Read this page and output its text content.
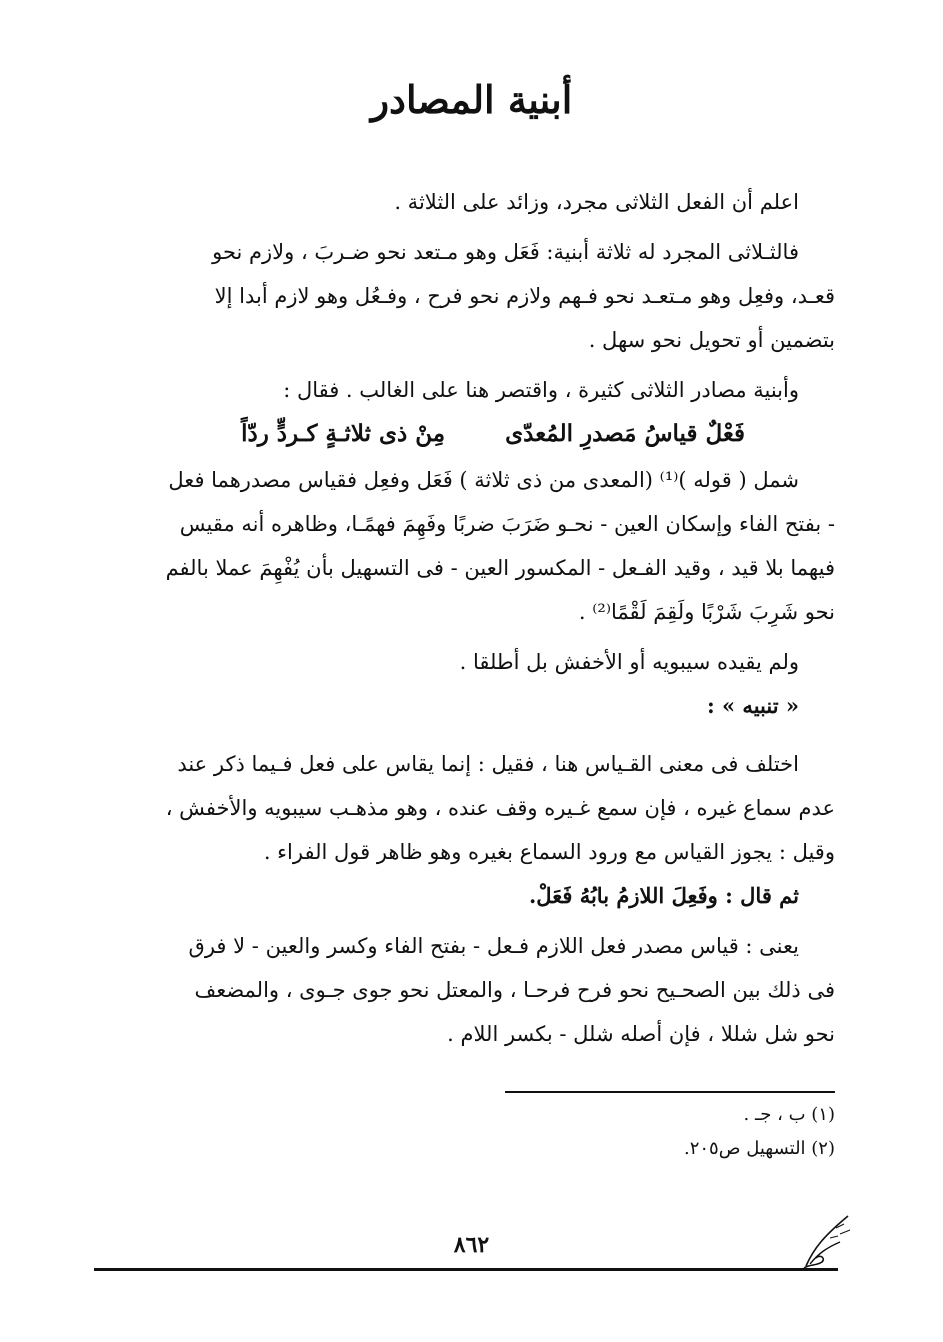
أبنية المصادر
اعلم أن الفعل الثلاثى مجرد، وزائد على الثلاثة .
فالثـلاثى المجرد له ثلاثة أبنية: فَعَل وهو مـتعد نحو ضـربَ ، ولازم نحو
قعـد، وفعِل وهو مـتعـد نحو فـهم ولازم نحو فرح ، وفـعُل وهو لازم أبدا إلا
بتضمين أو تحويل نحو سهل .
وأبنية مصادر الثلاثى كثيرة ، واقتصر هنا على الغالب . فقال :
فَعْلٌ قياسُ مَصدرِ المُعدّى
مِنْ ذى ثلاثـةٍ كـردٍّ ردّاً
شمل ( قوله )⁽¹⁾ (المعدى من ذى ثلاثة ) فَعَل وفعِل فقياس مصدرهما فعل
- بفتح الفاء وإسكان العين - نحـو ضَرَبَ ضربًا وفَهِمَ فهمًـا، وظاهره أنه مقيس
فيهما بلا قيد ، وقيد الفـعل - المكسور العين - فى التسهيل بأن يُفْهِمَ عملا بالفم
نحو شَرِبَ شَرْبًا ولَقِمَ لَقْمًا⁽²⁾ .
ولم يقيده سيبويه أو الأخفش بل أطلقا .
« تنبيه » :
اختلف فى معنى القـياس هنا ، فقيل : إنما يقاس على فعل فـيما ذكر عند
عدم سماع غيره ، فإن سمع غـيره وقف عنده ، وهو مذهـب سيبويه والأخفش ،
وقيل : يجوز القياس مع ورود السماع بغيره وهو ظاهر قول الفراء .
ثم قال : وفَعِلَ اللازمُ بابُهُ فَعَلْ.
يعنى : قياس مصدر فعل اللازم فـعل - بفتح الفاء وكسر والعين - لا فرق
فى ذلك بين الصحـيح نحو فرح فرحـا ، والمعتل نحو جوى جـوى ، والمضعف
نحو شل شللا ، فإن أصله شلل - بكسر اللام .
(١) ب ، جـ .
(٢) التسهيل ص٢٠٥.
٨٦٢
